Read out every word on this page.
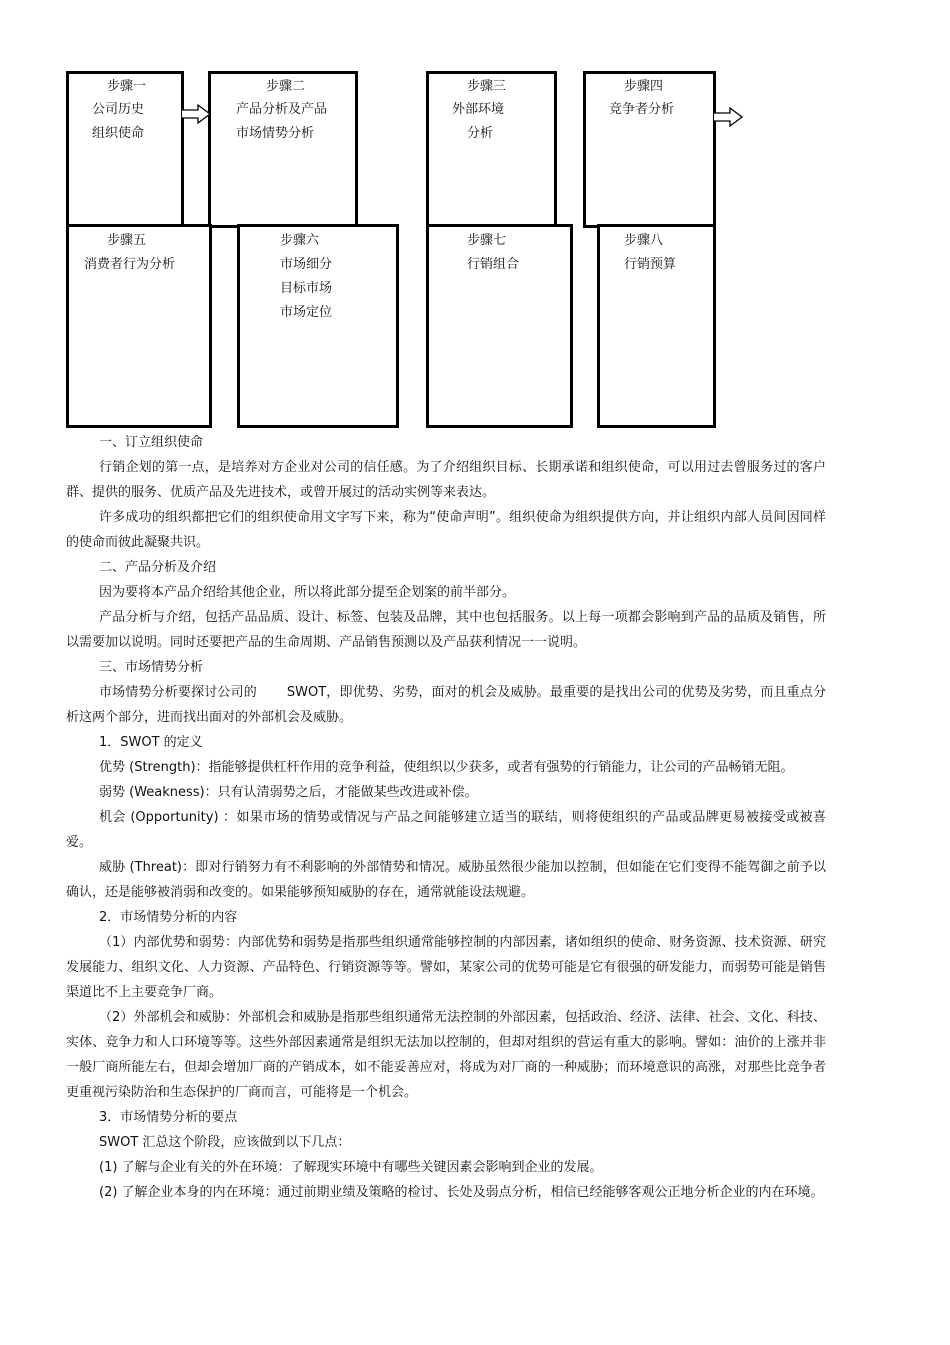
步骤一
公司历史
组织使命
步骤二
产品分析及产品
市场情势分析
步骤三
外部环境
分析
步骤四
竞争者分析
步骤五
消费者行为分析
步骤六
市场细分
目标市场
市场定位
步骤七
行销组合
步骤八
行销预算

一、订立组织使命

行销企划的第一点，是培养对方企业对公司的信任感。为了介绍组织目标、长期承诺和组织使命，可以用过去曾服务过的客户群、提供的服务、优质产品及先进技术，或曾开展过的活动实例等来表达。

许多成功的组织都把它们的组织使命用文字写下来，称为“使命声明”。组织使命为组织提供方向，并让组织内部人员间因同样的使命而彼此凝聚共识。

二、产品分析及介绍

因为要将本产品介绍给其他企业，所以将此部分提至企划案的前半部分。

产品分析与介绍，包括产品品质、设计、标签、包装及品牌，其中也包括服务。以上每一项都会影响到产品的品质及销售，所以需要加以说明。同时还要把产品的生命周期、产品销售预测以及产品获利情况一一说明。

三、市场情势分析

市场情势分析要探讨公司的 SWOT，即优势、劣势，面对的机会及威胁。最重要的是找出公司的优势及劣势，而且重点分析这两个部分，进而找出面对的外部机会及威胁。

1．SWOT 的定义

优势 (Strength)：指能够提供杠杆作用的竞争利益，使组织以少获多，或者有强势的行销能力，让公司的产品畅销无阻。

弱势 (Weakness)：只有认清弱势之后，才能做某些改进或补偿。

机会 (Opportunity) ：如果市场的情势或情况与产品之间能够建立适当的联结，则将使组织的产品或品牌更易被接受或被喜爱。

威胁 (Threat)：即对行销努力有不利影响的外部情势和情况。威胁虽然很少能加以控制，但如能在它们变得不能驾御之前予以确认，还是能够被消弱和改变的。如果能够预知威胁的存在，通常就能设法规避。

2．市场情势分析的内容

（1）内部优势和弱势：内部优势和弱势是指那些组织通常能够控制的内部因素，诸如组织的使命、财务资源、技术资源、研究发展能力、组织文化、人力资源、产品特色、行销资源等等。譬如，某家公司的优势可能是它有很强的研发能力，而弱势可能是销售渠道比不上主要竞争厂商。

（2）外部机会和威胁：外部机会和威胁是指那些组织通常无法控制的外部因素，包括政治、经济、法律、社会、文化、科技、实体、竞争力和人口环境等等。这些外部因素通常是组织无法加以控制的，但却对组织的营运有重大的影响。譬如：油价的上涨并非一般厂商所能左右，但却会增加厂商的产销成本，如不能妥善应对，将成为对厂商的一种威胁；而环境意识的高涨，对那些比竞争者更重视污染防治和生态保护的厂商而言，可能将是一个机会。

3．市场情势分析的要点

SWOT 汇总这个阶段，应该做到以下几点：

(1) 了解与企业有关的外在环境：了解现实环境中有哪些关键因素会影响到企业的发展。

(2) 了解企业本身的内在环境：通过前期业绩及策略的检讨、长处及弱点分析，相信已经能够客观公正地分析企业的内在环境。
